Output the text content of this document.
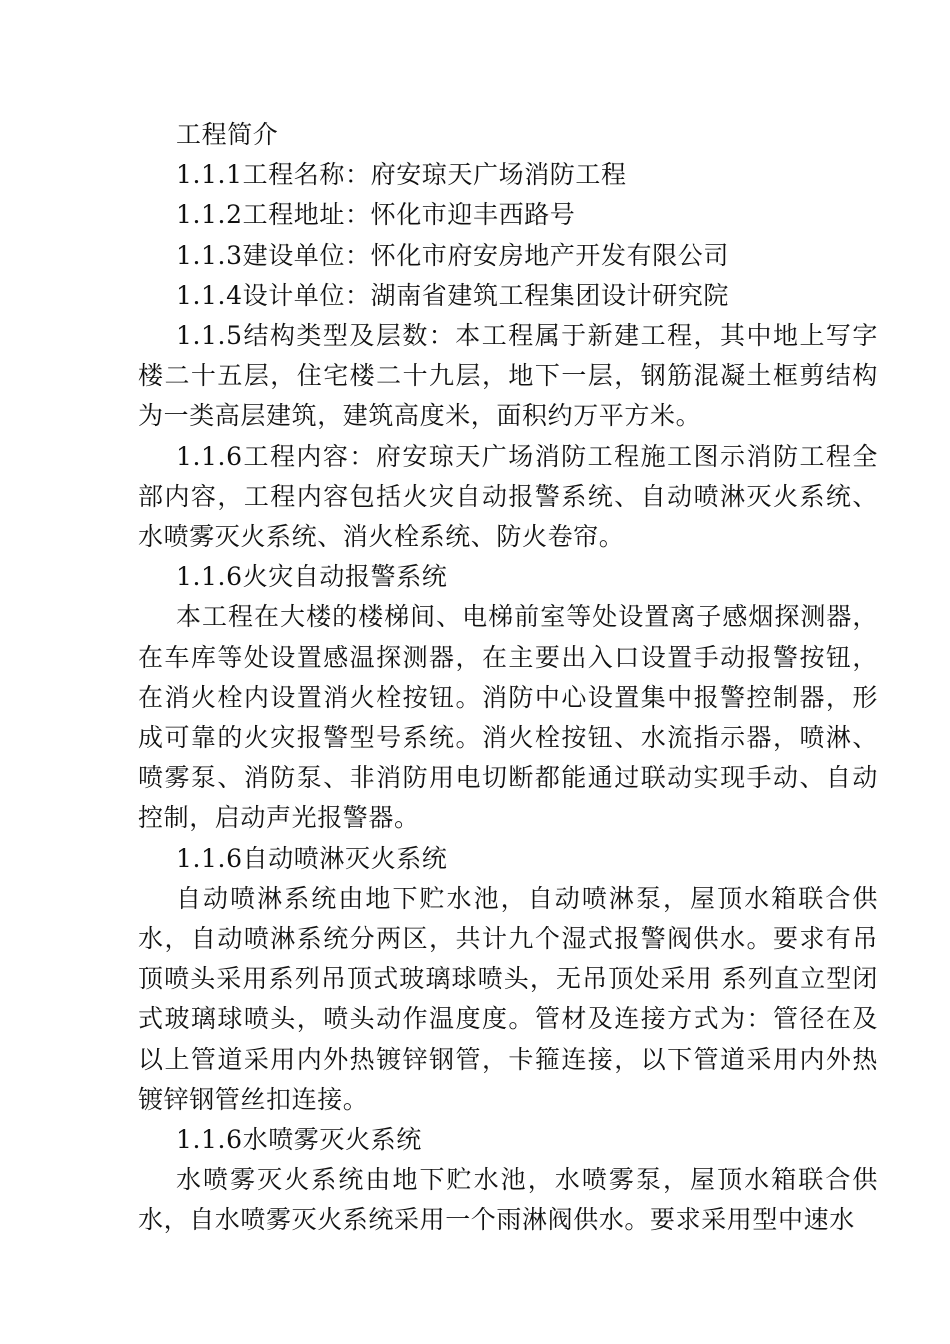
工程简介

1.1.1工程名称：府安琼天广场消防工程

1.1.2工程地址：怀化市迎丰西路号

1.1.3建设单位：怀化市府安房地产开发有限公司

1.1.4设计单位：湖南省建筑工程集团设计研究院

1.1.5结构类型及层数：本工程属于新建工程，其中地上写字楼二十五层，住宅楼二十九层，地下一层，钢筋混凝土框剪结构为一类高层建筑，建筑高度米，面积约万平方米。

1.1.6工程内容：府安琼天广场消防工程施工图示消防工程全部内容，工程内容包括火灾自动报警系统、自动喷淋灭火系统、水喷雾灭火系统、消火栓系统、防火卷帘。

1.1.6火灾自动报警系统

本工程在大楼的楼梯间、电梯前室等处设置离子感烟探测器，在车库等处设置感温探测器，在主要出入口设置手动报警按钮，在消火栓内设置消火栓按钮。消防中心设置集中报警控制器，形成可靠的火灾报警型号系统。消火栓按钮、水流指示器，喷淋、喷雾泵、消防泵、非消防用电切断都能通过联动实现手动、自动控制，启动声光报警器。

1.1.6自动喷淋灭火系统

自动喷淋系统由地下贮水池，自动喷淋泵，屋顶水箱联合供水，自动喷淋系统分两区，共计九个湿式报警阀供水。要求有吊顶喷头采用系列吊顶式玻璃球喷头，无吊顶处采用 系列直立型闭式玻璃球喷头，喷头动作温度度。管材及连接方式为：管径在及以上管道采用内外热镀锌钢管，卡箍连接，以下管道采用内外热镀锌钢管丝扣连接。

1.1.6水喷雾灭火系统

水喷雾灭火系统由地下贮水池，水喷雾泵，屋顶水箱联合供水，自水喷雾灭火系统采用一个雨淋阀供水。要求采用型中速水
